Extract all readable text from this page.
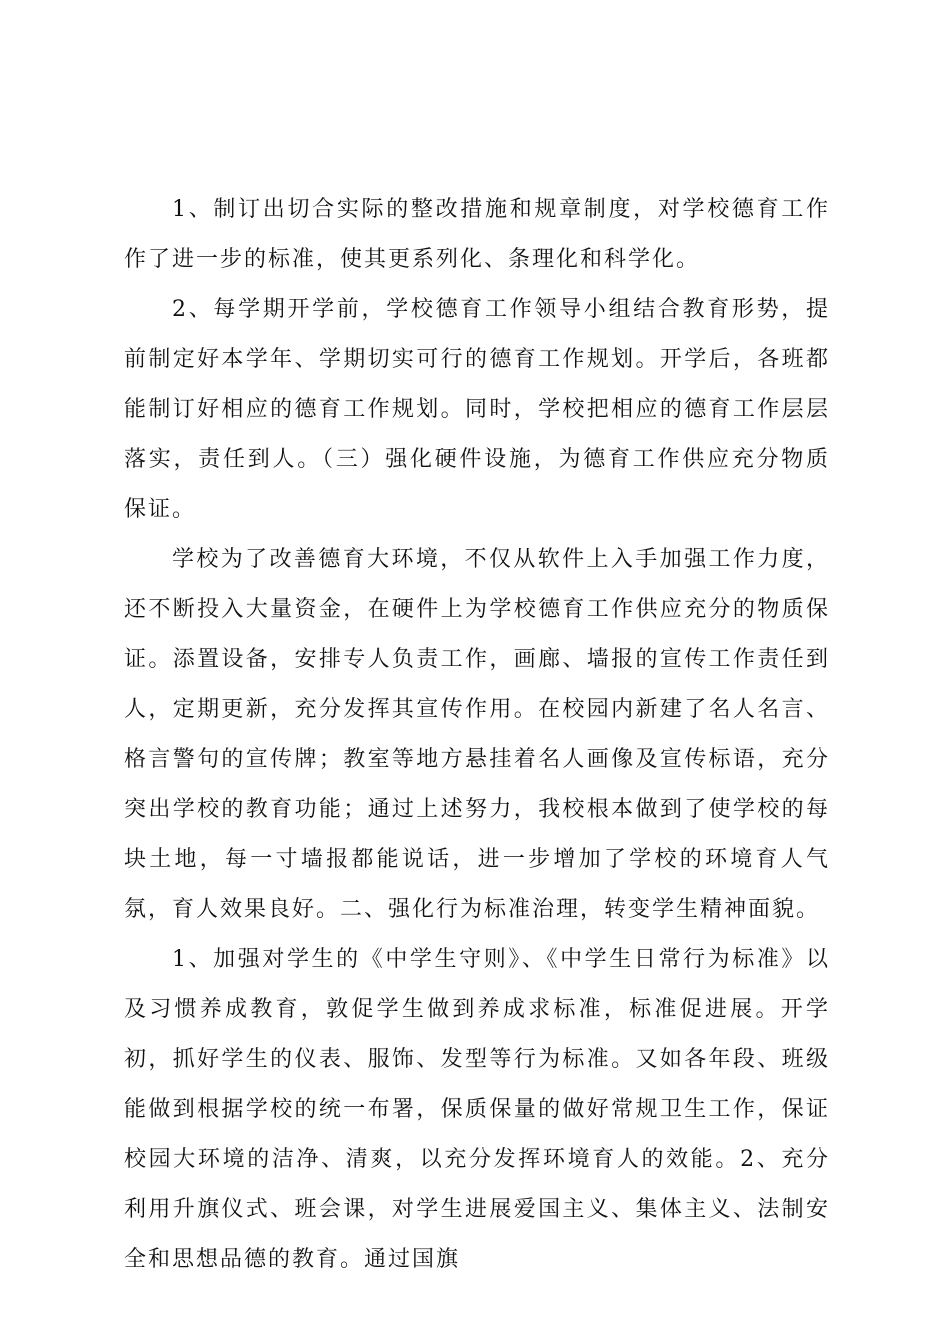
1、制订出切合实际的整改措施和规章制度，对学校德育工作作了进一步的标准，使其更系列化、条理化和科学化。

2、每学期开学前，学校德育工作领导小组结合教育形势，提前制定好本学年、学期切实可行的德育工作规划。开学后，各班都能制订好相应的德育工作规划。同时，学校把相应的德育工作层层落实，责任到人。（三）强化硬件设施，为德育工作供应充分物质保证。

学校为了改善德育大环境，不仅从软件上入手加强工作力度，还不断投入大量资金，在硬件上为学校德育工作供应充分的物质保证。添置设备，安排专人负责工作，画廊、墙报的宣传工作责任到人，定期更新，充分发挥其宣传作用。在校园内新建了名人名言、格言警句的宣传牌；教室等地方悬挂着名人画像及宣传标语，充分突出学校的教育功能；通过上述努力，我校根本做到了使学校的每块土地，每一寸墙报都能说话，进一步增加了学校的环境育人气氛，育人效果良好。二、强化行为标准治理，转变学生精神面貌。

1、加强对学生的《中学生守则》、《中学生日常行为标准》以及习惯养成教育，敦促学生做到养成求标准，标准促进展。开学初，抓好学生的仪表、服饰、发型等行为标准。又如各年段、班级能做到根据学校的统一布署，保质保量的做好常规卫生工作，保证校园大环境的洁净、清爽，以充分发挥环境育人的效能。2、充分利用升旗仪式、班会课，对学生进展爱国主义、集体主义、法制安全和思想品德的教育。通过国旗
